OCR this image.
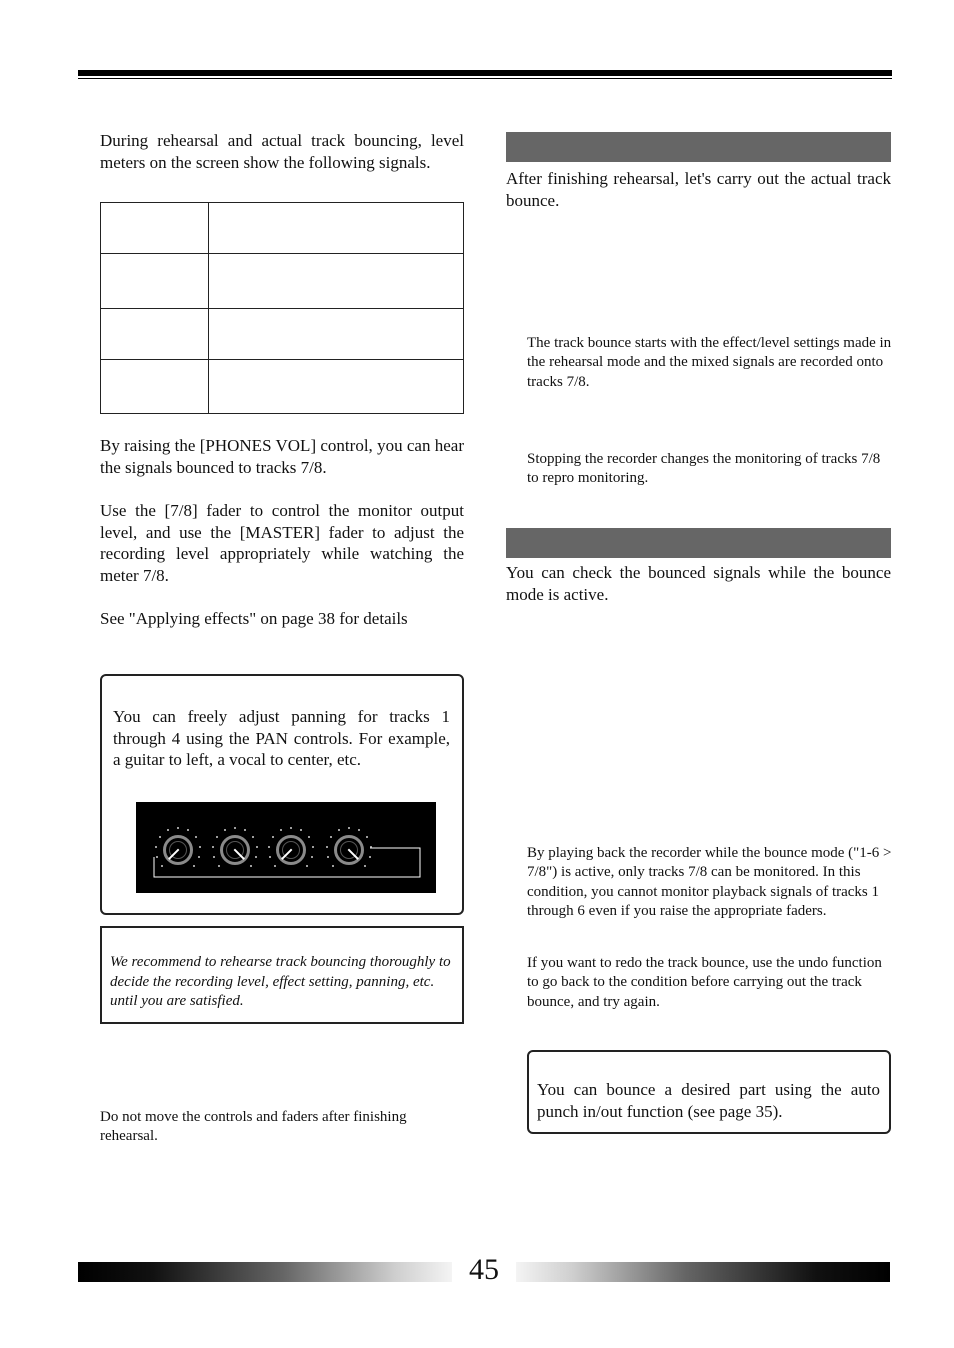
During rehearsal and actual track bouncing, level meters on the screen show the following signals.

By raising the [PHONES VOL] control, you can hear the signals bounced to tracks 7/8.

Use the [7/8] fader to control the monitor output level, and use the [MASTER] fader to adjust the recording level appropriately while watching the meter 7/8.

See "Applying effects" on page 38 for details

You can freely adjust panning for tracks 1 through 4 using the PAN controls. For example, a guitar to left, a vocal to center, etc.

We recommend to rehearse track bouncing thoroughly to decide the recording level, effect setting, panning, etc. until you are satisfied.

Do not move the controls and faders after finishing rehearsal.

After finishing rehearsal, let's carry out the actual track bounce.

The track bounce starts with the effect/level settings made in the rehearsal mode and the mixed signals are recorded onto tracks 7/8.

Stopping the recorder changes the monitoring of tracks 7/8 to repro monitoring.

You can check the bounced signals while the bounce mode is active.

By playing back the recorder while the bounce mode ("1-6 > 7/8") is active, only tracks 7/8 can be monitored. In this condition, you cannot monitor playback signals of tracks 1 through 6 even if you raise the appropriate faders.

If you want to redo the track bounce, use the undo function to go back to the condition before carrying out the track bounce, and try again.

You can bounce a desired part using the auto punch in/out function (see page 35).

45
